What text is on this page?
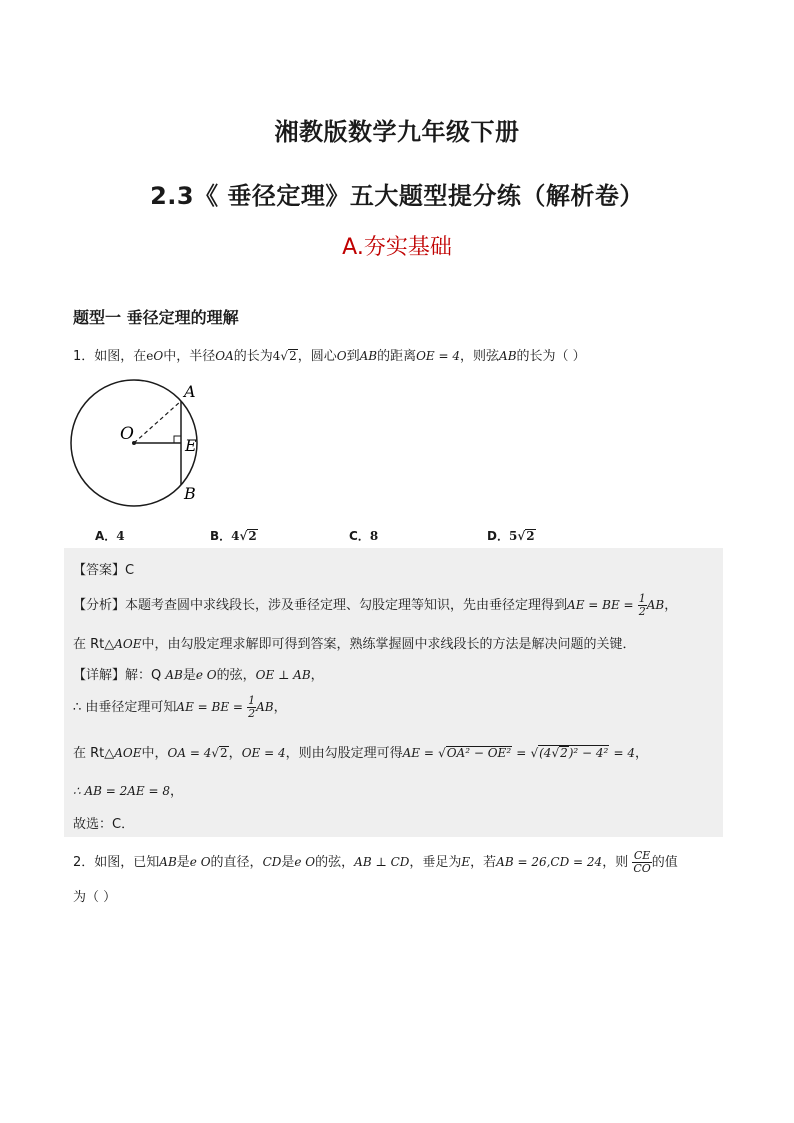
湘教版数学九年级下册
2.3《 垂径定理》五大题型提分练（解析卷）
A.夯实基础
题型一 垂径定理的理解
1．如图，在eO中，半径OA的长为4√2，圆心O到AB的距离OE = 4，则弦AB的长为（ ）
A
O
E
B
A．4	B．4√2	C．8	D．5√2
【答案】C
【分析】本题考查圆中求线段长，涉及垂径定理、勾股定理等知识，先由垂径定理得到AE = BE = $\frac{1}{2}$ AB，
在 Rt△AOE中，由勾股定理求解即可得到答案，熟练掌握圆中求线段长的方法是解决问题的关键．
【详解】解：Q AB是e O的弦，OE ⊥ AB，
∴ 由垂径定理可知AE = BE = $\frac{1}{2}$ AB，
在 Rt△AOE中，OA = 4√2，OE = 4，则由勾股定理可得AE = √OA² − OE² = √(4√2)² − 4² = 4，
∴ AB = 2AE = 8，
故选：C．
2．如图，已知AB是e O的直径，CD是e O的弦，AB ⊥ CD，垂足为E，若AB = 26,CD = 24，则 $\frac{CE}{CO}$ 的值
为（ ）
